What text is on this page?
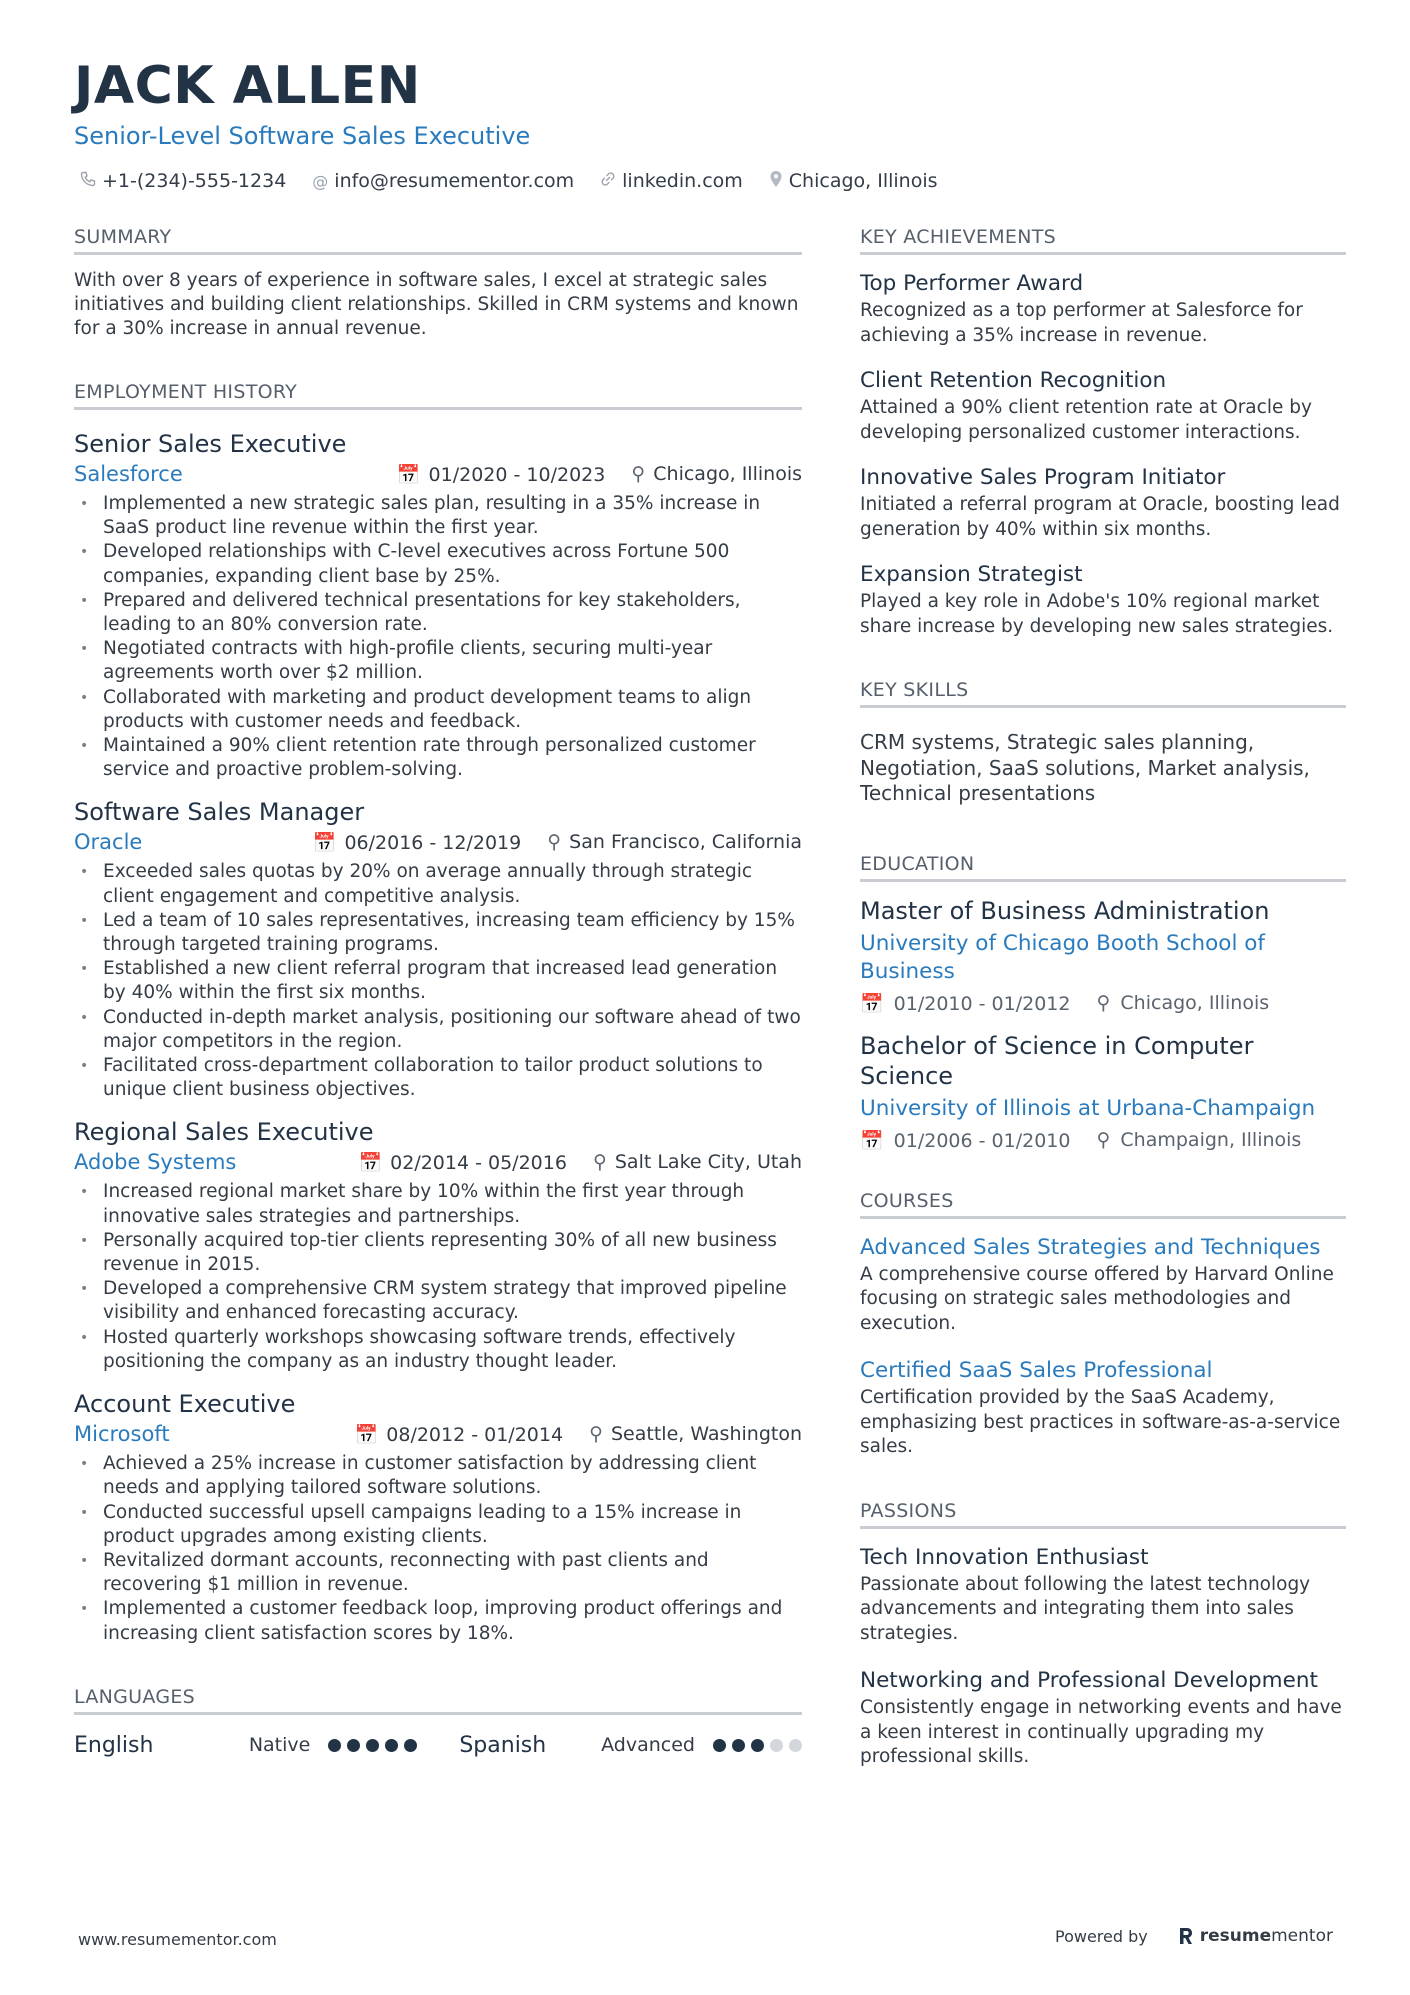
JACK ALLEN
Senior-Level Software Sales Executive
+1-(234)-555-1234 @ info@resumementor.com	linkedin.com Chicago, Illinois
SUMMARY

With over 8 years of experience in software sales, I excel at strategic sales initiatives and building client relationships. Skilled in CRM systems and known for a 30% increase in annual revenue.

EMPLOYMENT HISTORY
Senior Sales Executive
Salesforce	📅 01/2020 - 10/2023 ⚲ Chicago, Illinois
• Implemented a new strategic sales plan, resulting in a 35% increase in SaaS product line revenue within the first year.
• Developed relationships with C-level executives across Fortune 500 companies, expanding client base by 25%.
• Prepared and delivered technical presentations for key stakeholders, leading to an 80% conversion rate.
• Negotiated contracts with high-profile clients, securing multi-year agreements worth over $2 million.
• Collaborated with marketing and product development teams to align products with customer needs and feedback.
• Maintained a 90% client retention rate through personalized customer service and proactive problem-solving.
Software Sales Manager
Oracle	📅 06/2016 - 12/2019 ⚲ San Francisco, California
• Exceeded sales quotas by 20% on average annually through strategic client engagement and competitive analysis.
• Led a team of 10 sales representatives, increasing team efficiency by 15% through targeted training programs.
• Established a new client referral program that increased lead generation by 40% within the first six months.
• Conducted in-depth market analysis, positioning our software ahead of two major competitors in the region.
• Facilitated cross-department collaboration to tailor product solutions to unique client business objectives.
Regional Sales Executive
Adobe Systems	📅 02/2014 - 05/2016 ⚲ Salt Lake City, Utah
• Increased regional market share by 10% within the first year through innovative sales strategies and partnerships.
• Personally acquired top-tier clients representing 30% of all new business revenue in 2015.
• Developed a comprehensive CRM system strategy that improved pipeline visibility and enhanced forecasting accuracy.
• Hosted quarterly workshops showcasing software trends, effectively positioning the company as an industry thought leader.
Account Executive
Microsoft	📅 08/2012 - 01/2014 ⚲ Seattle, Washington
• Achieved a 25% increase in customer satisfaction by addressing client needs and applying tailored software solutions.
• Conducted successful upsell campaigns leading to a 15% increase in product upgrades among existing clients.
• Revitalized dormant accounts, reconnecting with past clients and recovering $1 million in revenue.
• Implemented a customer feedback loop, improving product offerings and increasing client satisfaction scores by 18%.
LANGUAGES
English	Native	Spanish	Advanced
KEY ACHIEVEMENTS
Top Performer Award
Recognized as a top performer at Salesforce for achieving a 35% increase in revenue.
Client Retention Recognition
Attained a 90% client retention rate at Oracle by developing personalized customer interactions.
Innovative Sales Program Initiator
Initiated a referral program at Oracle, boosting lead generation by 40% within six months.
Expansion Strategist
Played a key role in Adobe's 10% regional market share increase by developing new sales strategies.
KEY SKILLS

CRM systems, Strategic sales planning, Negotiation, SaaS solutions, Market analysis, Technical presentations

EDUCATION
Master of Business Administration
University of Chicago Booth School of Business
📅 01/2010 - 01/2012 ⚲ Chicago, Illinois
Bachelor of Science in Computer Science
University of Illinois at Urbana-Champaign
📅 01/2006 - 01/2010 ⚲ Champaign, Illinois
COURSES
Advanced Sales Strategies and Techniques
A comprehensive course offered by Harvard Online focusing on strategic sales methodologies and execution.
Certified SaaS Sales Professional
Certification provided by the SaaS Academy, emphasizing best practices in software-as-a-service sales.
PASSIONS
Tech Innovation Enthusiast
Passionate about following the latest technology advancements and integrating them into sales strategies.
Networking and Professional Development
Consistently engage in networking events and have a keen interest in continually upgrading my professional skills.
www.resumementor.com	Powered by	resumementor
